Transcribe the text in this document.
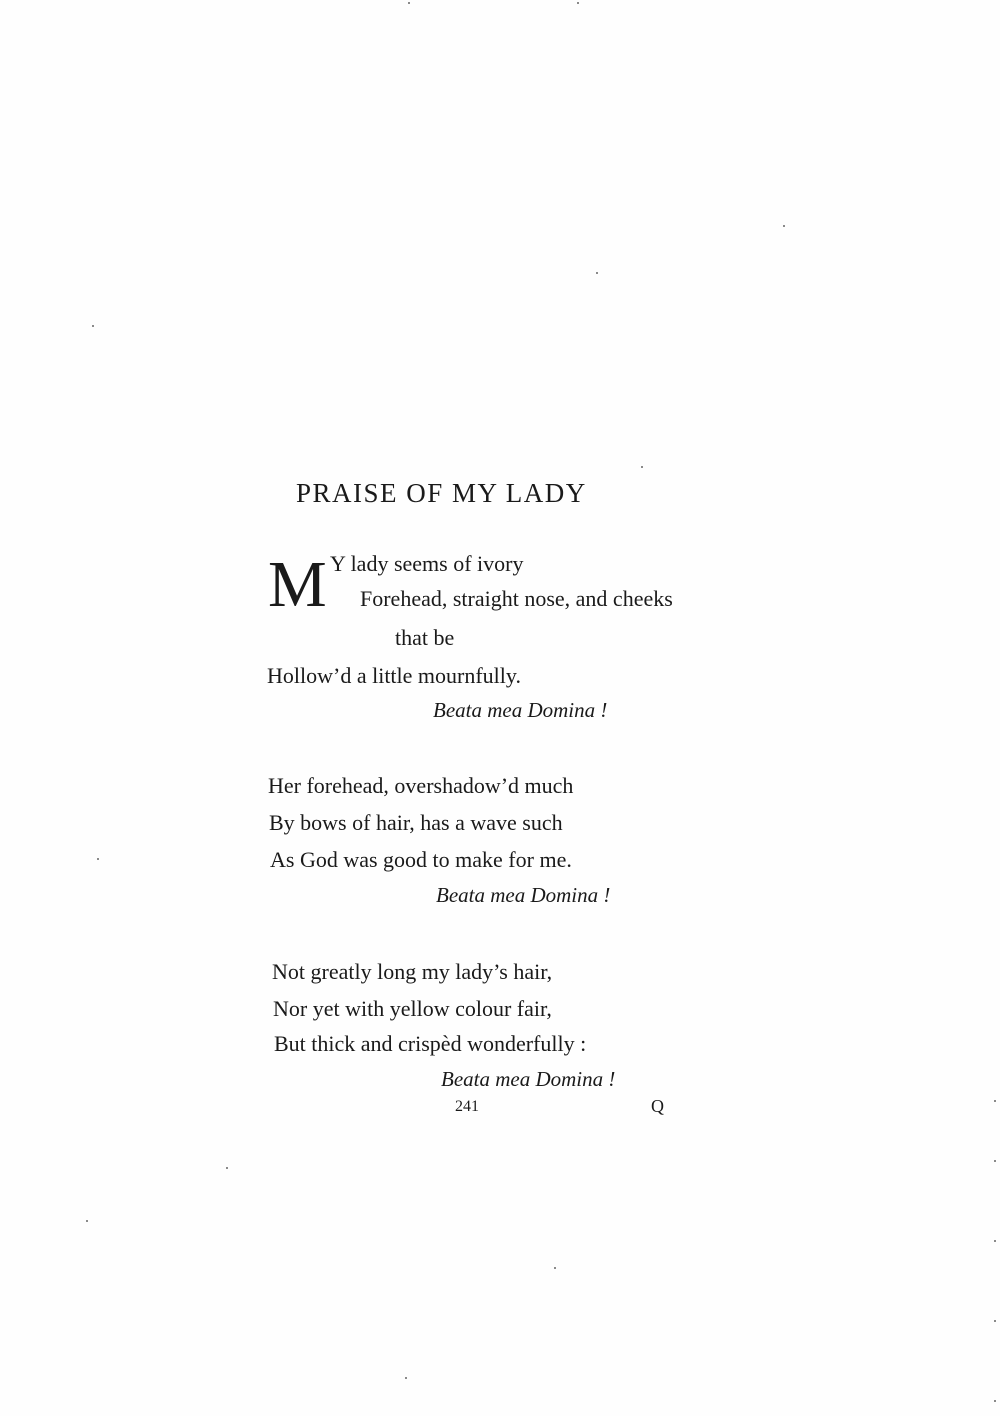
PRAISE OF MY LADY
M Y lady seems of ivory
Forehead, straight nose, and cheeks
that be
Hollow’d a little mournfully.
Beata mea Domina !
Her forehead, overshadow’d much
By bows of hair, has a wave such
As God was good to make for me.
Beata mea Domina !
Not greatly long my lady’s hair,
Nor yet with yellow colour fair,
But thick and crispèd wonderfully :
Beata mea Domina !
241	Q
